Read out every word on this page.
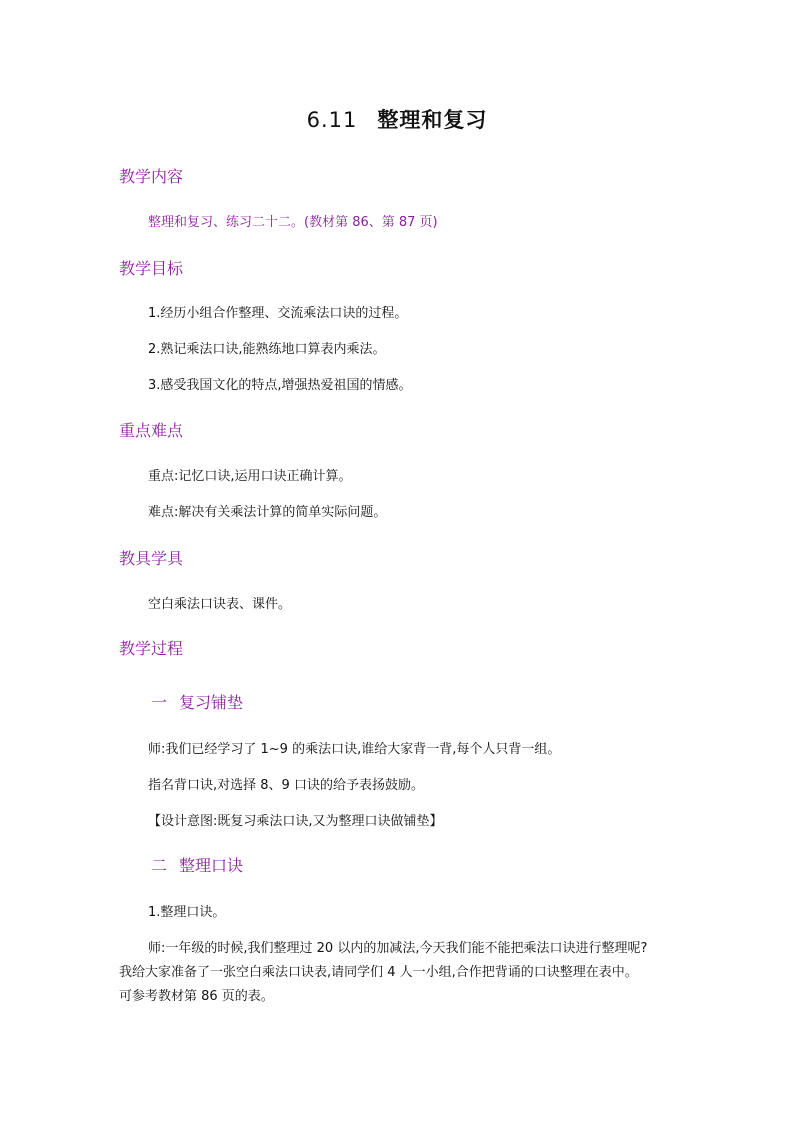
6.11 整理和复习
教学内容

整理和复习、练习二十二。(教材第 86、第 87 页)

教学目标

1.经历小组合作整理、交流乘法口诀的过程。

2.熟记乘法口诀,能熟练地口算表内乘法。

3.感受我国文化的特点,增强热爱祖国的情感。

重点难点

重点:记忆口诀,运用口诀正确计算。

难点:解决有关乘法计算的简单实际问题。

教具学具

空白乘法口诀表、课件。

教学过程
一 复习铺垫

师:我们已经学习了 1~9 的乘法口诀,谁给大家背一背,每个人只背一组。

指名背口诀,对选择 8、9 口诀的给予表扬鼓励。

【设计意图:既复习乘法口诀,又为整理口诀做铺垫】

二 整理口诀

1.整理口诀。

师:一年级的时候,我们整理过 20 以内的加减法,今天我们能不能把乘法口诀进行整理呢?
我给大家准备了一张空白乘法口诀表,请同学们 4 人一小组,合作把背诵的口诀整理在表中。
可参考教材第 86 页的表。
